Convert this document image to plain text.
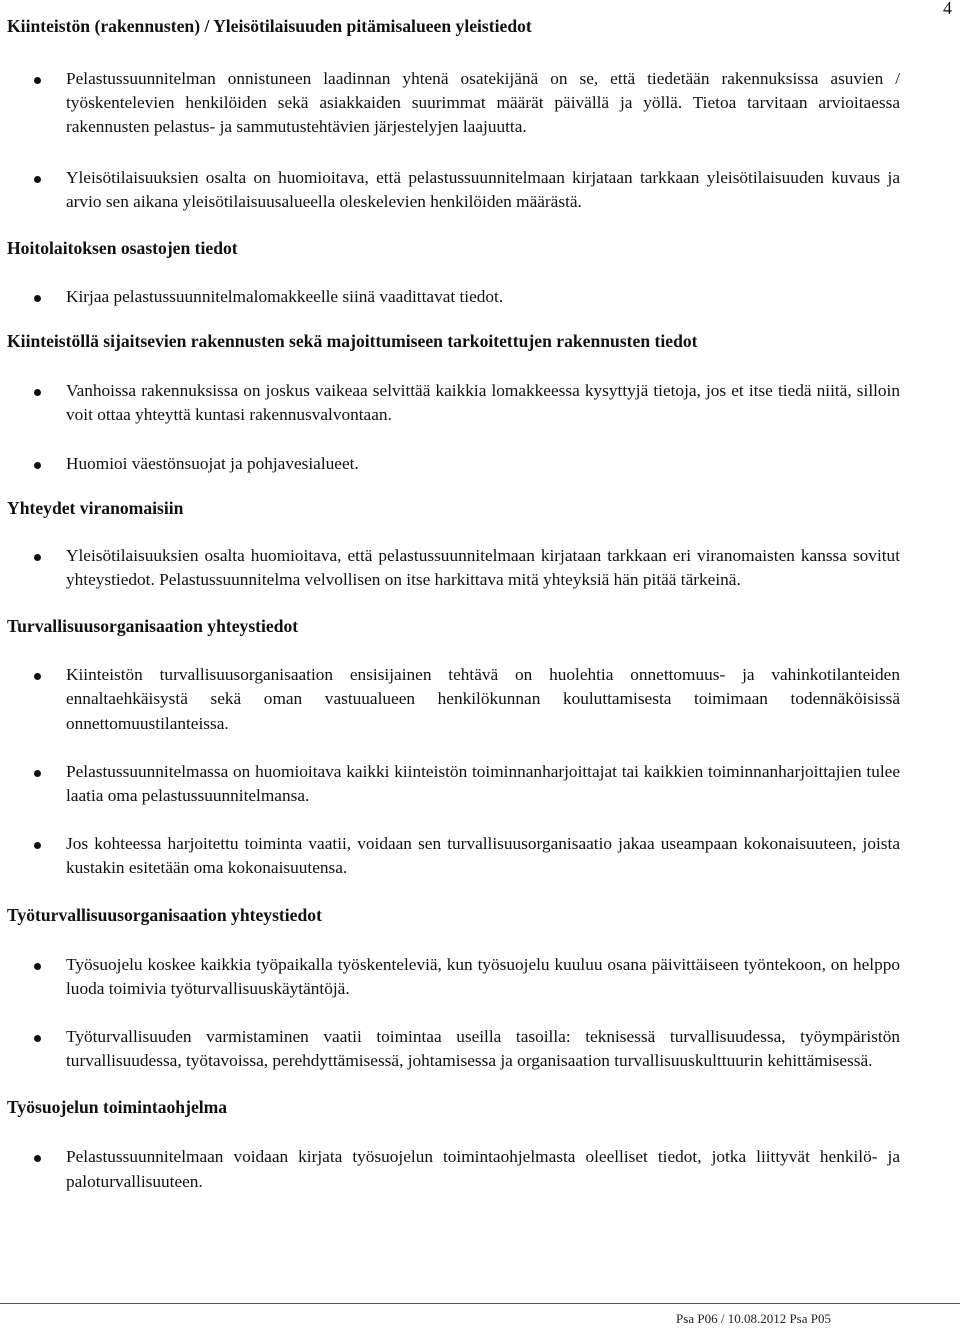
4
Kiinteistön (rakennusten) / Yleisötilaisuuden pitämisalueen yleistiedot
Pelastussuunnitelman onnistuneen laadinnan yhtenä osatekijänä on se, että tiedetään rakennuksissa asuvien / työskentelevien henkilöiden sekä asiakkaiden suurimmat määrät päivällä ja yöllä. Tietoa tarvitaan arvioitaessa rakennusten pelastus- ja sammutustehtävien järjestelyjen laajuutta.
Yleisötilaisuuksien osalta on huomioitava, että pelastussuunnitelmaan kirjataan tarkkaan yleisötilaisuuden kuvaus ja arvio sen aikana yleisötilaisuusalueella oleskelevien henkilöiden määrästä.
Hoitolaitoksen osastojen tiedot
Kirjaa pelastussuunnitelmalomakkeelle siinä vaadittavat tiedot.
Kiinteistöllä sijaitsevien rakennusten sekä majoittumiseen tarkoitettujen rakennusten tiedot
Vanhoissa rakennuksissa on joskus vaikeaa selvittää kaikkia lomakkeessa kysyttyjä tietoja, jos et itse tiedä niitä, silloin voit ottaa yhteyttä kuntasi rakennusvalvontaan.
Huomioi väestönsuojat ja pohjavesialueet.
Yhteydet viranomaisiin
Yleisötilaisuuksien osalta huomioitava, että pelastussuunnitelmaan kirjataan tarkkaan eri viranomaisten kanssa sovitut yhteystiedot. Pelastussuunnitelma velvollisen on itse harkittava mitä yhteyksiä hän pitää tärkeinä.
Turvallisuusorganisaation yhteystiedot
Kiinteistön turvallisuusorganisaation ensisijainen tehtävä on huolehtia onnettomuus- ja vahinkotilanteiden ennaltaehkäisystä sekä oman vastuualueen henkilökunnan kouluttamisesta toimimaan todennäköisissä onnettomuustilanteissa.
Pelastussuunnitelmassa on huomioitava kaikki kiinteistön toiminnanharjoittajat tai kaikkien toiminnanharjoittajien tulee laatia oma pelastussuunnitelmansa.
Jos kohteessa harjoitettu toiminta vaatii, voidaan sen turvallisuusorganisaatio jakaa useampaan kokonaisuuteen, joista kustakin esitetään oma kokonaisuutensa.
Työturvallisuusorganisaation yhteystiedot
Työsuojelu koskee kaikkia työpaikalla työskenteleviä, kun työsuojelu kuuluu osana päivittäiseen työntekoon, on helppo luoda toimivia työturvallisuuskäytäntöjä.
Työturvallisuuden varmistaminen vaatii toimintaa useilla tasoilla: teknisessä turvallisuudessa, työympäristön turvallisuudessa, työtavoissa, perehdyttämisessä, johtamisessa ja organisaation turvallisuuskulttuurin kehittämisessä.
Työsuojelun toimintaohjelma
Pelastussuunnitelmaan voidaan kirjata työsuojelun toimintaohjelmasta oleelliset tiedot, jotka liittyvät henkilö- ja paloturvallisuuteen.
Psa P06 / 10.08.2012 Psa P05
